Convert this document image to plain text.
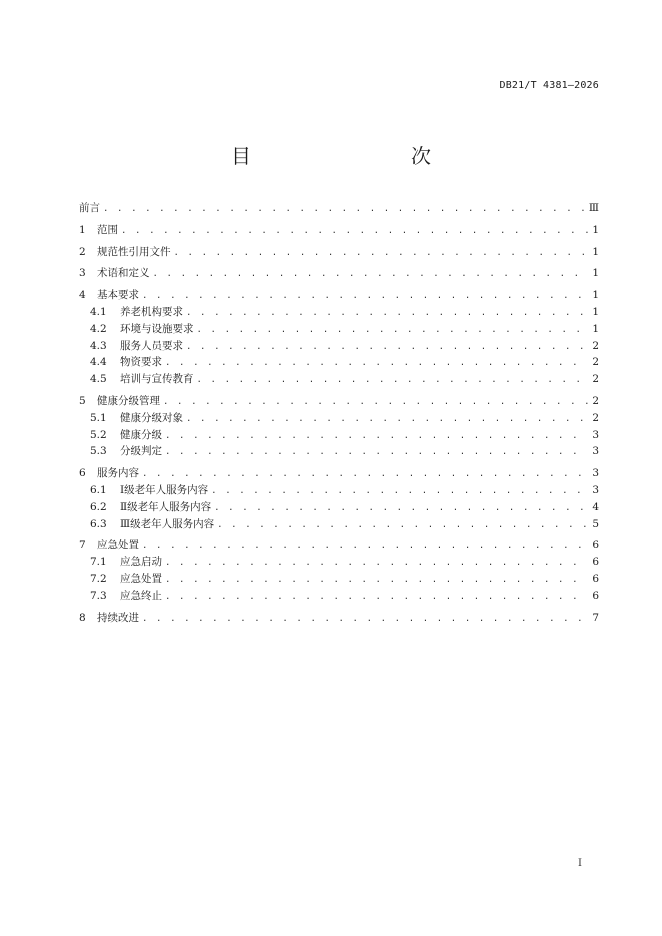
DB21/T 4381—2026
目　　次
前言 . . .	Ⅲ
1	范围 . . .	1
2	规范性引用文件 . . .	1
3	术语和定义 . . .	1
4	基本要求 . . .	1
4.1	养老机构要求 . . .	1
4.2	环境与设施要求 . . .	1
4.3	服务人员要求 . . .	2
4.4	物资要求 . . .	2
4.5	培训与宣传教育 . . .	2
5	健康分级管理 . . .	2
5.1	健康分级对象 . . .	2
5.2	健康分级 . . .	3
5.3	分级判定 . . .	3
6	服务内容 . . .	3
6.1	Ⅰ级老年人服务内容 . . .	3
6.2	Ⅱ级老年人服务内容 . . .	4
6.3	Ⅲ级老年人服务内容 . . .	5
7	应急处置 . . .	6
7.1	应急启动 . . .	6
7.2	应急处置 . . .	6
7.3	应急终止 . . .	6
8	持续改进 . . .	7
I
